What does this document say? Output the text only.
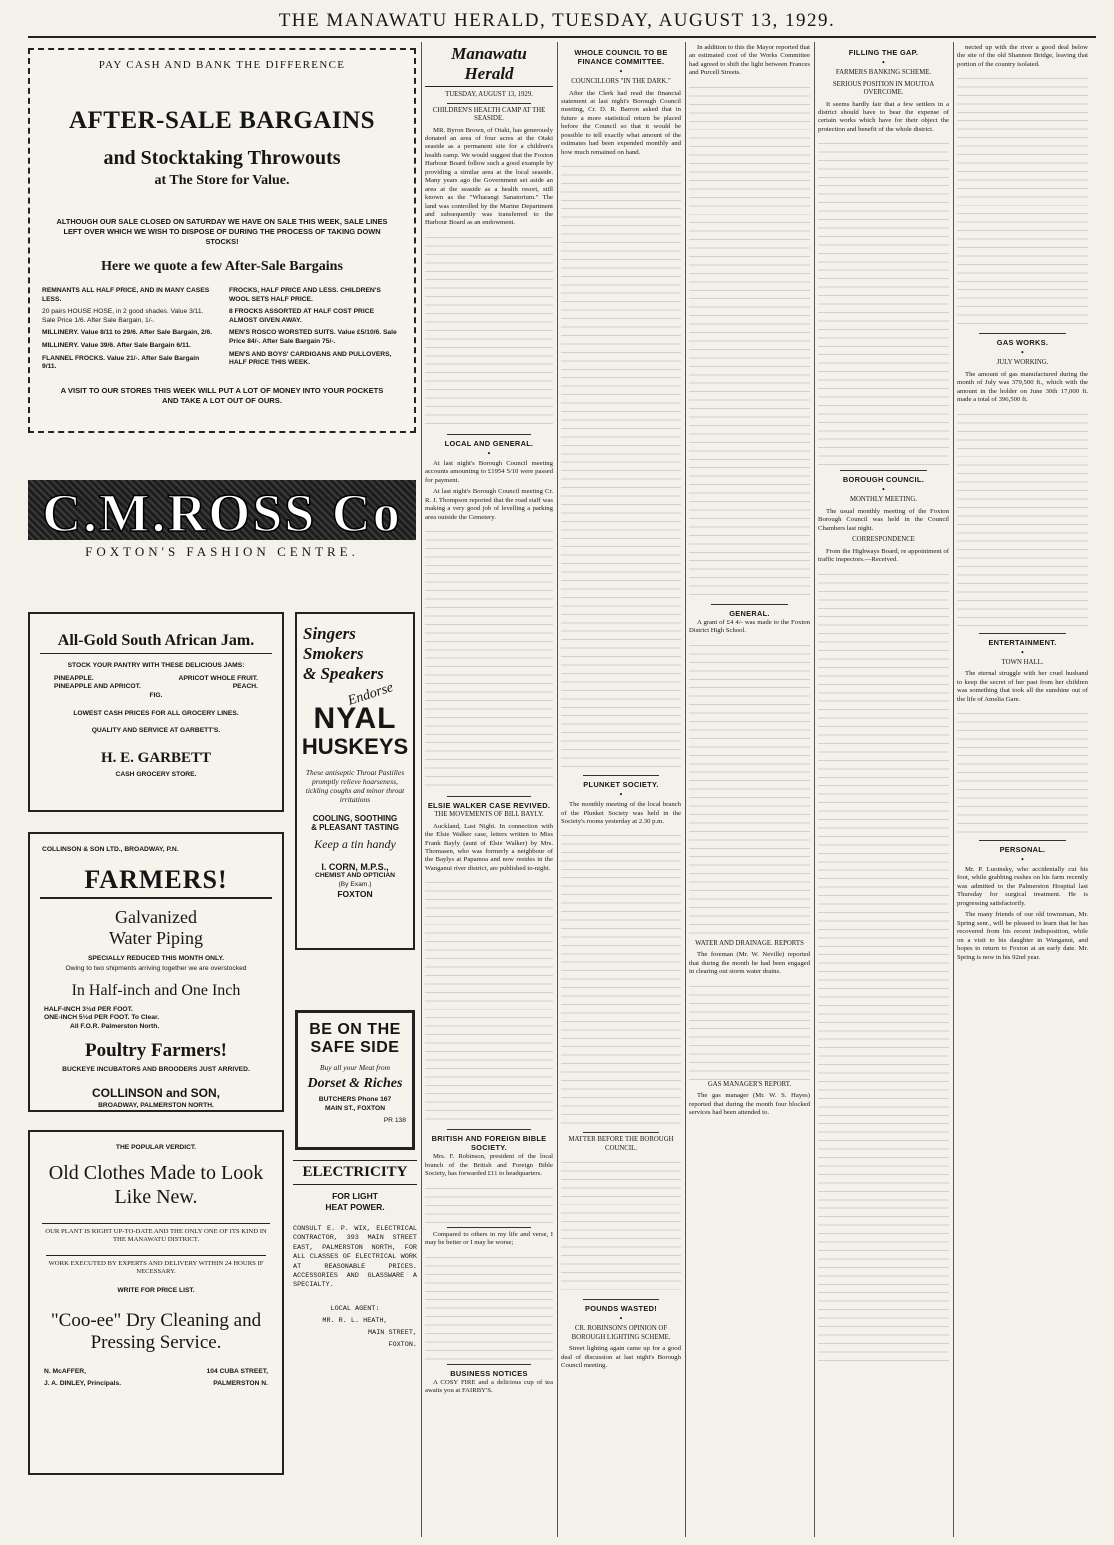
THE MANAWATU HERALD, TUESDAY, AUGUST 13, 1929.
PAY CASH AND BANK THE DIFFERENCE
AFTER-SALE BARGAINS
and Stocktaking Throwouts
at The Store for Value.
ALTHOUGH OUR SALE CLOSED ON SATURDAY WE HAVE ON SALE THIS WEEK, SALE LINES LEFT OVER WHICH WE WISH TO DISPOSE OF DURING THE PROCESS OF TAKING DOWN STOCKS!
Here we quote a few After-Sale Bargains
REMNANTS ALL HALF PRICE, AND IN MANY CASES LESS.
20 pairs HOUSE HOSE, in 2 good shades. Value 3/11. Sale Price 1/6. After Sale Bargain, 1/-.
MILLINERY. Value 8/11 to 29/6. After Sale Bargain, 2/6.
MILLINERY. Value 39/6. After Sale Bargain 6/11.
FLANNEL FROCKS. Value 21/-. After Sale Bargain 9/11.
FROCKS, HALF PRICE AND LESS. CHILDREN'S WOOL SETS HALF PRICE.
8 FROCKS ASSORTED AT HALF COST PRICE ALMOST GIVEN AWAY.
MEN'S ROSCO WORSTED SUITS. Value £5/10/6. Sale Price 84/-. After Sale Bargain 75/-.
MEN'S AND BOYS' CARDIGANS AND PULLOVERS, HALF PRICE THIS WEEK.
A VISIT TO OUR STORES THIS WEEK WILL PUT A LOT OF MONEY INTO YOUR POCKETS AND TAKE A LOT OUT OF OURS.
C.M.ROSS Co
FOXTON'S FASHION CENTRE.
All-Gold South African Jam.
STOCK YOUR PANTRY WITH THESE DELICIOUS JAMS:
PINEAPPLE.	APRICOT WHOLE FRUIT.
PINEAPPLE AND APRICOT.	PEACH.
FIG.
LOWEST CASH PRICES FOR ALL GROCERY LINES.
QUALITY AND SERVICE AT GARBETT'S.
H. E. GARBETT
CASH GROCERY STORE.
Singers
Smokers
& Speakers
Endorse
NYAL
HUSKEYS
These antiseptic Throat Pastilles promptly relieve hoarseness, tickling coughs and minor throat irritations
COOLING, SOOTHING
& PLEASANT TASTING
Keep a tin handy
I. CORN, M.P.S.,
CHEMIST AND OPTICIAN
(By Exam.)
FOXTON
COLLINSON & SON LTD., BROADWAY, P.N.
FARMERS!
Galvanized
Water Piping
SPECIALLY REDUCED THIS MONTH ONLY.
Owing to two shipments arriving together we are overstocked
In Half-inch and One Inch
HALF-INCH 3½d PER FOOT.
ONE-INCH 5½d PER FOOT. To Clear.
All F.O.R. Palmerston North.
Poultry Farmers!
BUCKEYE INCUBATORS AND BROODERS JUST ARRIVED.
COLLINSON and SON,
BROADWAY, PALMERSTON NORTH.
BE ON THE
SAFE SIDE
Buy all your Meat from
Dorset & Riches
BUTCHERS Phone 167
MAIN ST., FOXTON
PR 138
THE POPULAR VERDICT.
Old Clothes Made to Look Like New.
OUR PLANT IS RIGHT UP-TO-DATE AND THE ONLY ONE OF ITS KIND IN THE MANAWATU DISTRICT.
WORK EXECUTED BY EXPERTS AND DELIVERY WITHIN 24 HOURS IF NECESSARY.
WRITE FOR PRICE LIST.
"Coo-ee" Dry Cleaning and Pressing Service.
N. McAFFER,	104 CUBA STREET,
J. A. DINLEY, Principals.	PALMERSTON N.
ELECTRICITY
FOR LIGHT HEAT POWER.
CONSULT E. P. WIX, ELECTRICAL CONTRACTOR, 393 MAIN STREET EAST, PALMERSTON NORTH, FOR ALL CLASSES OF ELECTRICAL WORK AT REASONABLE PRICES. ACCESSORIES AND GLASSWARE A SPECIALTY.
LOCAL AGENT:
MR. R. L. HEATH,
MAIN STREET,
FOXTON.
Manawatu Herald
TUESDAY, AUGUST 13, 1929.
CHILDREN'S HEALTH CAMP AT THE SEASIDE.

MR. Byron Brown, of Otaki, has generously donated an area of four acres at the Otaki seaside as a permanent site for a children's health camp. We would suggest that the Foxton Harbour Board follow such a good example by providing a similar area at the local seaside. Many years ago the Government set aside an area at the seaside as a health resort, still known as the "Wharangi Sanatorium." The land was controlled by the Marine Department and subsequently was transferred to the Harbour Board as an endowment.

LOCAL AND GENERAL.
•

At last night's Borough Council meeting accounts amounting to £1954 5/10 were passed for payment.

At last night's Borough Council meeting Cr. R. J. Thompson reported that the road staff was making a very good job of levelling a parking area outside the Cemetery.

ELSIE WALKER CASE REVIVED.
THE MOVEMENTS OF BILL BAYLY.

Auckland, Last Night. In connection with the Elsie Walker case, letters written to Miss Frank Bayly (aunt of Elsie Walker) by Mrs. Thomasen, who was formerly a neighbour of the Baylys at Papamoa and now resides in the Wanganui river district, are published to-night.

BRITISH AND FOREIGN BIBLE SOCIETY.

Mrs. F. Robinson, president of the local branch of the British and Foreign Bible Society, has forwarded £11 to headquarters.

Compared to others in my life and verse, I may be better or I may be worse;

BUSINESS NOTICES

A COSY FIRE and a delicious cup of tea awaits you at FAIRBY'S.

WHOLE COUNCIL TO BE FINANCE COMMITTEE.
•
COUNCILLORS "IN THE DARK."

After the Clerk had read the financial statement at last night's Borough Council meeting, Cr. D. R. Barron asked that in future a more statistical return be placed before the Council so that it would be possible to tell exactly what amount of the estimates had been expended monthly and how much remained on hand.

PLUNKET SOCIETY.
•

The monthly meeting of the local branch of the Plunket Society was held in the Society's rooms yesterday at 2.30 p.m.

MATTER BEFORE THE BOROUGH COUNCIL.
POUNDS WASTED!
•
CR. ROBINSON'S OPINION OF BOROUGH LIGHTING SCHEME.

Street lighting again came up for a good deal of discussion at last night's Borough Council meeting.

In addition to this the Mayor reported that an estimated cost of the Works Committee had agreed to shift the light between Frances and Purcell Streets.

GENERAL.

A grant of £4 4/- was made to the Foxton District High School.

WATER AND DRAINAGE. REPORTS

The foreman (Mr. W. Neville) reported that during the month he had been engaged in clearing out storm water drains.

GAS MANAGER'S REPORT.

The gas manager (Mr. W. S. Hayes) reported that during the month four blocked services had been attended to.

FILLING THE GAP.
•
FARMERS BANKING SCHEME.
SERIOUS POSITION IN MOUTOA OVERCOME.

It seems hardly fair that a few settlers in a district should have to bear the expense of certain works which have for their object the protection and benefit of the whole district.

BOROUGH COUNCIL.
•
MONTHLY MEETING.

The usual monthly meeting of the Foxton Borough Council was held in the Council Chambers last night.

CORRESPONDENCE

From the Highways Board, re appointment of traffic inspectors.—Received.

nected up with the river a good deal below the site of the old Shannon Bridge, leaving that portion of the country isolated.

GAS WORKS.
•
JULY WORKING.

The amount of gas manufactured during the month of July was 379,500 ft., which with the amount in the holder on June 30th 17,000 ft. made a total of 396,500 ft.

ENTERTAINMENT.
•
TOWN HALL.

The eternal struggle with her cruel husband to keep the secret of her past from her children was something that took all the sunshine out of the life of Amelia Gare.

PERSONAL.
•

Mr. P. Luoinsky, who accidentally cut his foot, while grabbing rushes on his farm recently was admitted to the Palmerston Hospital last Thursday for surgical treatment. He is progressing satisfactorily.

The many friends of our old townsman, Mr. Spring senr., will be pleased to learn that he has recovered from his recent indisposition, while on a visit to his daughter in Wanganui, and hopes to return to Foxton at an early date. Mr. Spring is now in his 92nd year.
